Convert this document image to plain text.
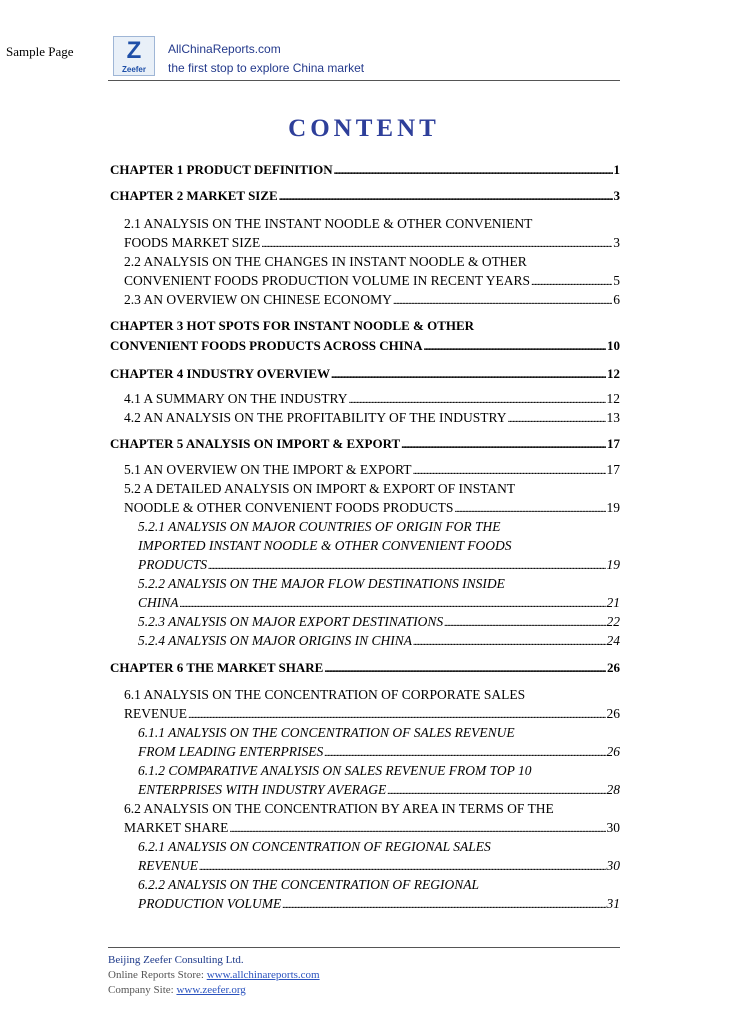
Sample Page	Z
Zeefer
AllChinaReports.com
the first stop to explore China market
CONTENT
CHAPTER 1 PRODUCT DEFINITION . . .	1
CHAPTER 2 MARKET SIZE . . .	3
2.1 ANALYSIS ON THE INSTANT NOODLE & OTHER CONVENIENT
FOODS MARKET SIZE . . .	3
2.2 ANALYSIS ON THE CHANGES IN INSTANT NOODLE & OTHER
CONVENIENT FOODS PRODUCTION VOLUME IN RECENT YEARS . . .	5
2.3 AN OVERVIEW ON CHINESE ECONOMY . . .	6
CHAPTER 3 HOT SPOTS FOR INSTANT NOODLE & OTHER
CONVENIENT FOODS PRODUCTS ACROSS CHINA . . .	10
CHAPTER 4 INDUSTRY OVERVIEW . . .	12
4.1 A SUMMARY ON THE INDUSTRY . . .	12
4.2 AN ANALYSIS ON THE PROFITABILITY OF THE INDUSTRY . . .	13
CHAPTER 5 ANALYSIS ON IMPORT & EXPORT . . .	17
5.1 AN OVERVIEW ON THE IMPORT & EXPORT . . .	17
5.2 A DETAILED ANALYSIS ON IMPORT & EXPORT OF INSTANT
NOODLE & OTHER CONVENIENT FOODS PRODUCTS . . .	19
5.2.1 ANALYSIS ON MAJOR COUNTRIES OF ORIGIN FOR THE
IMPORTED INSTANT NOODLE & OTHER CONVENIENT FOODS
PRODUCTS . . .	19
5.2.2 ANALYSIS ON THE MAJOR FLOW DESTINATIONS INSIDE
CHINA . . .	21
5.2.3 ANALYSIS ON MAJOR EXPORT DESTINATIONS . . .	22
5.2.4 ANALYSIS ON MAJOR ORIGINS IN CHINA . . .	24
CHAPTER 6 THE MARKET SHARE . . .	26
6.1 ANALYSIS ON THE CONCENTRATION OF CORPORATE SALES
REVENUE . . .	26
6.1.1 ANALYSIS ON THE CONCENTRATION OF SALES REVENUE
FROM LEADING ENTERPRISES . . .	26
6.1.2 COMPARATIVE ANALYSIS ON SALES REVENUE FROM TOP 10
ENTERPRISES WITH INDUSTRY AVERAGE . . .	28
6.2 ANALYSIS ON THE CONCENTRATION BY AREA IN TERMS OF THE
MARKET SHARE . . .	30
6.2.1 ANALYSIS ON CONCENTRATION OF REGIONAL SALES
REVENUE . . .	30
6.2.2 ANALYSIS ON THE CONCENTRATION OF REGIONAL
PRODUCTION VOLUME . . .	31
Beijing Zeefer Consulting Ltd.
Online Reports Store: www.allchinareports.com
Company Site: www.zeefer.org
